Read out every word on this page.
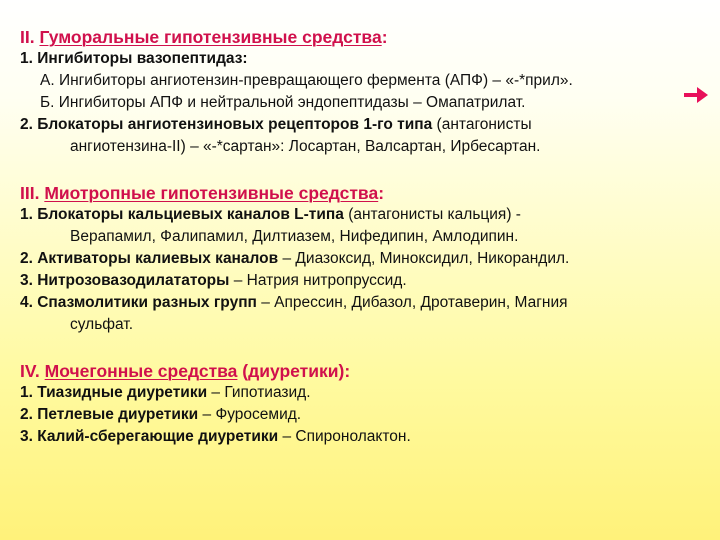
II. Гуморальные гипотензивные средства:

1. Ингибиторы вазопептидаз:

А. Ингибиторы ангиотензин-превращающего фермента (АПФ) – «-*прил».

Б. Ингибиторы АПФ и нейтральной эндопептидазы – Омапатрилат.

2. Блокаторы ангиотензиновых рецепторов 1-го типа (антагонисты

ангиотензина-II) – «-*сартан»: Лосартан, Валсартан, Ирбесартан.

III. Миотропные гипотензивные средства:

1. Блокаторы кальциевых каналов L-типа (антагонисты кальция) -

Верапамил, Фалипамил, Дилтиазем, Нифедипин, Амлодипин.

2. Активаторы калиевых каналов – Диазоксид, Миноксидил, Никорандил.

3. Нитрозовазодилататоры – Натрия нитропруссид.

4. Спазмолитики разных групп – Апрессин, Дибазол, Дротаверин, Магния

сульфат.

IV. Мочегонные средства (диуретики):

1. Тиазидные диуретики – Гипотиазид.

2. Петлевые диуретики – Фуросемид.

3. Калий-сберегающие диуретики – Спиронолактон.
